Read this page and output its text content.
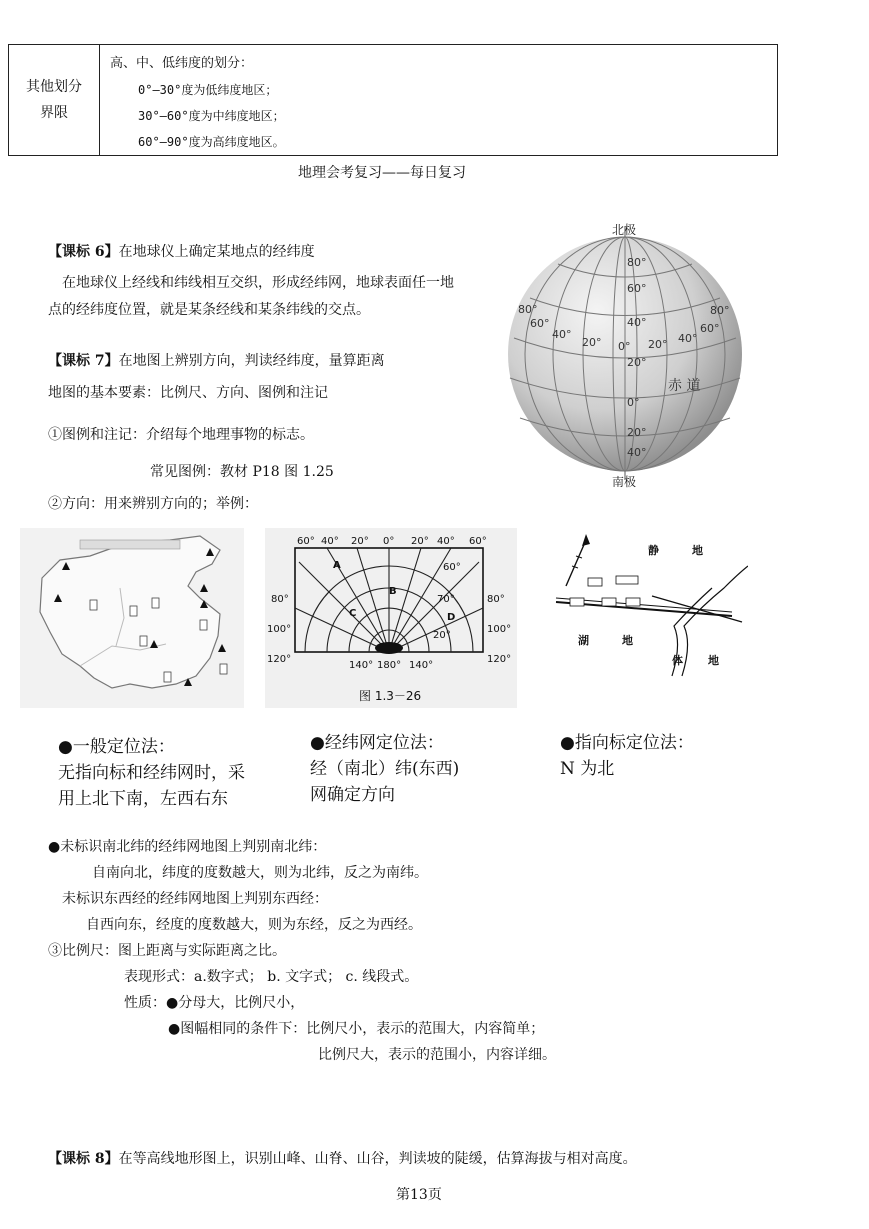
其他划分
界限

高、中、低纬度的划分：
0°—30°度为低纬度地区；
30°—60°度为中纬度地区；
60°—90°度为高纬度地区。
地理会考复习——每日复习
【课标 6】在地球仪上确定某地点的经纬度
在地球仪上经线和纬线相互交织，形成经纬网，地球表面任一地
点的经纬度位置，就是某条经线和某条纬线的交点。
【课标 7】在地图上辨别方向，判读经纬度，量算距离
地图的基本要素：比例尺、方向、图例和注记
①图例和注记：介绍每个地理事物的标志。
常见图例：教材 P18 图 1.25
②方向：用来辨别方向的；举例：
北极
南极
赤 道
80°
60°
40°
20°
0°
20°
40°
80°
60°
40°
20° 0° 20° 40°
60°
80°
60° 40° 20° 0° 20° 40° 60°
80°
100°
120°
80°
100°
120°
140° 180° 140°
60°
70°
20°
A
B
C	D
图 1.3－26
静	地
湖	地
体 地
●一般定位法：
无指向标和经纬网时，采
用上北下南，左西右东
●经纬网定位法：
经（南北）纬(东西)
网确定方向
●指向标定位法：
N 为北
●未标识南北纬的经纬网地图上判别南北纬：
自南向北，纬度的度数越大，则为北纬，反之为南纬。
未标识东西经的经纬网地图上判别东西经：
自西向东，经度的度数越大，则为东经，反之为西经。
③比例尺：图上距离与实际距离之比。
表现形式：a.数字式； b. 文字式； c. 线段式。
性质：●分母大，比例尺小，
●图幅相同的条件下：比例尺小，表示的范围大，内容简单；
比例尺大，表示的范围小，内容详细。
【课标 8】在等高线地形图上，识别山峰、山脊、山谷，判读坡的陡缓，估算海拔与相对高度。
第13页
